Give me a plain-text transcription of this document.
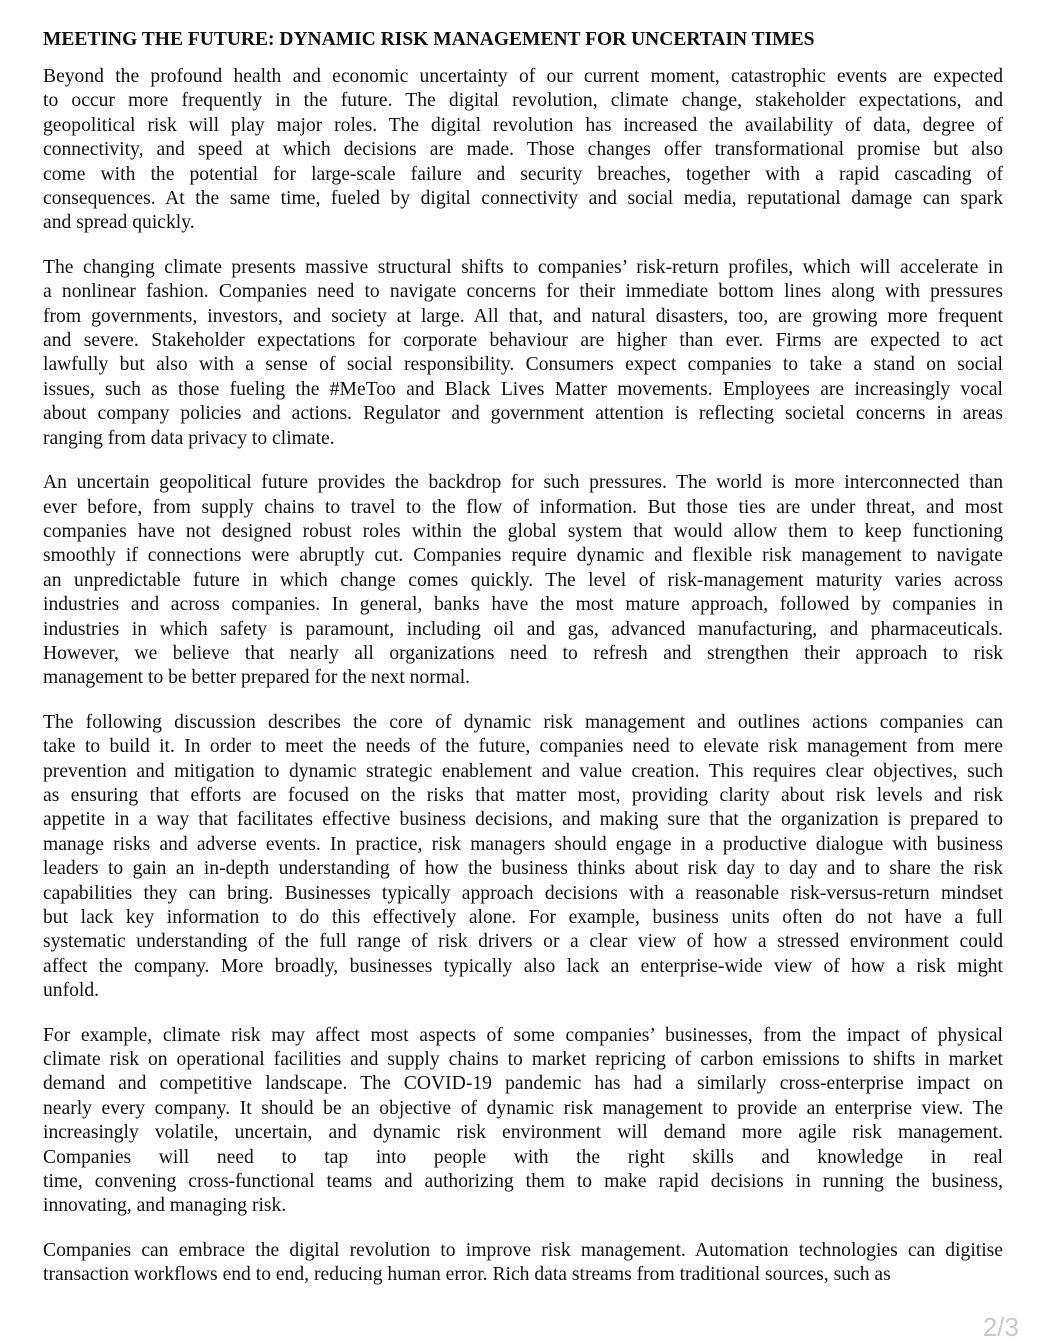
MEETING THE FUTURE: DYNAMIC RISK MANAGEMENT FOR UNCERTAIN TIMES
Beyond the profound health and economic uncertainty of our current moment, catastrophic events are expected
to occur more frequently in the future. The digital revolution, climate change, stakeholder expectations, and
geopolitical risk will play major roles. The digital revolution has increased the availability of data, degree of
connectivity, and speed at which decisions are made. Those changes offer transformational promise but also
come with the potential for large-scale failure and security breaches, together with a rapid cascading of
consequences. At the same time, fueled by digital connectivity and social media, reputational damage can spark
and spread quickly.
The changing climate presents massive structural shifts to companies’ risk-return profiles, which will accelerate in
a nonlinear fashion. Companies need to navigate concerns for their immediate bottom lines along with pressures
from governments, investors, and society at large. All that, and natural disasters, too, are growing more frequent
and severe. Stakeholder expectations for corporate behaviour are higher than ever. Firms are expected to act
lawfully but also with a sense of social responsibility. Consumers expect companies to take a stand on social
issues, such as those fueling the #MeToo and Black Lives Matter movements. Employees are increasingly vocal
about company policies and actions. Regulator and government attention is reflecting societal concerns in areas
ranging from data privacy to climate.
An uncertain geopolitical future provides the backdrop for such pressures. The world is more interconnected than
ever before, from supply chains to travel to the flow of information. But those ties are under threat, and most
companies have not designed robust roles within the global system that would allow them to keep functioning
smoothly if connections were abruptly cut. Companies require dynamic and flexible risk management to navigate
an unpredictable future in which change comes quickly. The level of risk-management maturity varies across
industries and across companies. In general, banks have the most mature approach, followed by companies in
industries in which safety is paramount, including oil and gas, advanced manufacturing, and pharmaceuticals.
However, we believe that nearly all organizations need to refresh and strengthen their approach to risk
management to be better prepared for the next normal.
The following discussion describes the core of dynamic risk management and outlines actions companies can
take to build it. In order to meet the needs of the future, companies need to elevate risk management from mere
prevention and mitigation to dynamic strategic enablement and value creation. This requires clear objectives, such
as ensuring that efforts are focused on the risks that matter most, providing clarity about risk levels and risk
appetite in a way that facilitates effective business decisions, and making sure that the organization is prepared to
manage risks and adverse events. In practice, risk managers should engage in a productive dialogue with business
leaders to gain an in-depth understanding of how the business thinks about risk day to day and to share the risk
capabilities they can bring. Businesses typically approach decisions with a reasonable risk-versus-return mindset
but lack key information to do this effectively alone. For example, business units often do not have a full
systematic understanding of the full range of risk drivers or a clear view of how a stressed environment could
affect the company. More broadly, businesses typically also lack an enterprise-wide view of how a risk might
unfold.
For example, climate risk may affect most aspects of some companies’ businesses, from the impact of physical
climate risk on operational facilities and supply chains to market repricing of carbon emissions to shifts in market
demand and competitive landscape. The COVID-19 pandemic has had a similarly cross-enterprise impact on
nearly every company. It should be an objective of dynamic risk management to provide an enterprise view. The
increasingly volatile, uncertain, and dynamic risk environment will demand more agile risk management.
Companies will need to tap into people with the right skills and knowledge in real
time, convening cross-functional teams and authorizing them to make rapid decisions in running the business,
innovating, and managing risk.
Companies can embrace the digital revolution to improve risk management. Automation technologies can digitise
transaction workflows end to end, reducing human error. Rich data streams from traditional sources, such as
2/3
